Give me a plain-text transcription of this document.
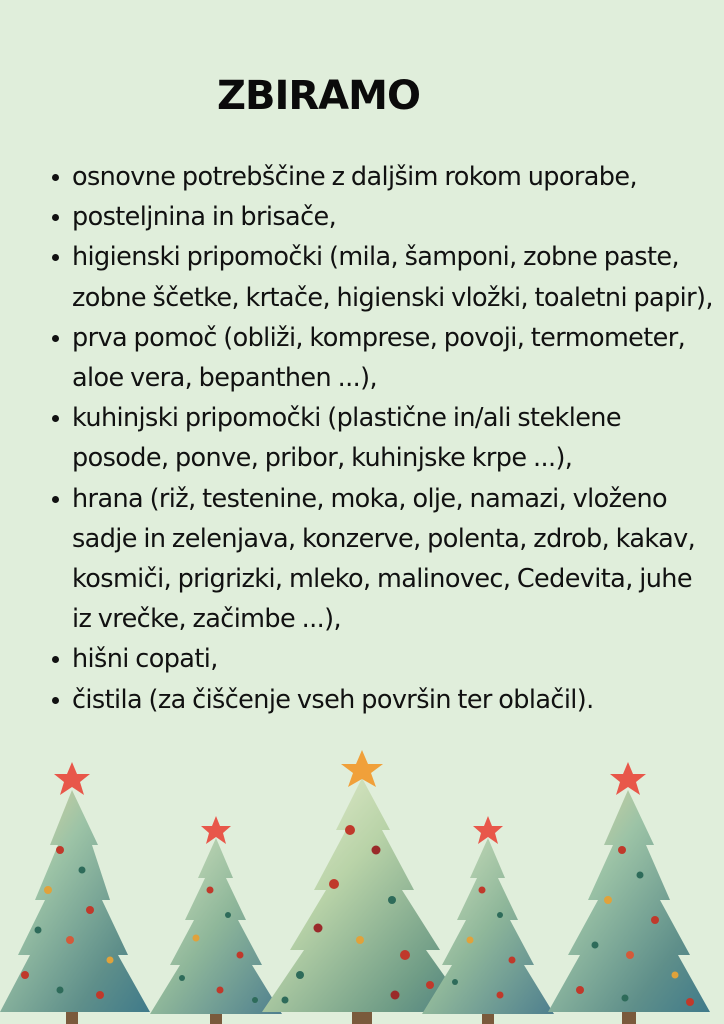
ZBIRAMO
osnovne potrebščine z daljšim rokom uporabe,
posteljnina in brisače,
higienski pripomočki (mila, šamponi, zobne paste, zobne ščetke, krtače, higienski vložki, toaletni papir),
prva pomoč (obliži, komprese, povoji, termometer, aloe vera, bepanthen ...),
kuhinjski pripomočki (plastične in/ali steklene posode, ponve, pribor, kuhinjske krpe ...),
hrana (riž, testenine, moka, olje, namazi, vloženo sadje in zelenjava, konzerve, polenta, zdrob, kakav, kosmiči, prigrizki, mleko, malinovec, Cedevita, juhe iz vrečke, začimbe ...),
hišni copati,
čistila (za čiščenje vseh površin ter oblačil).
